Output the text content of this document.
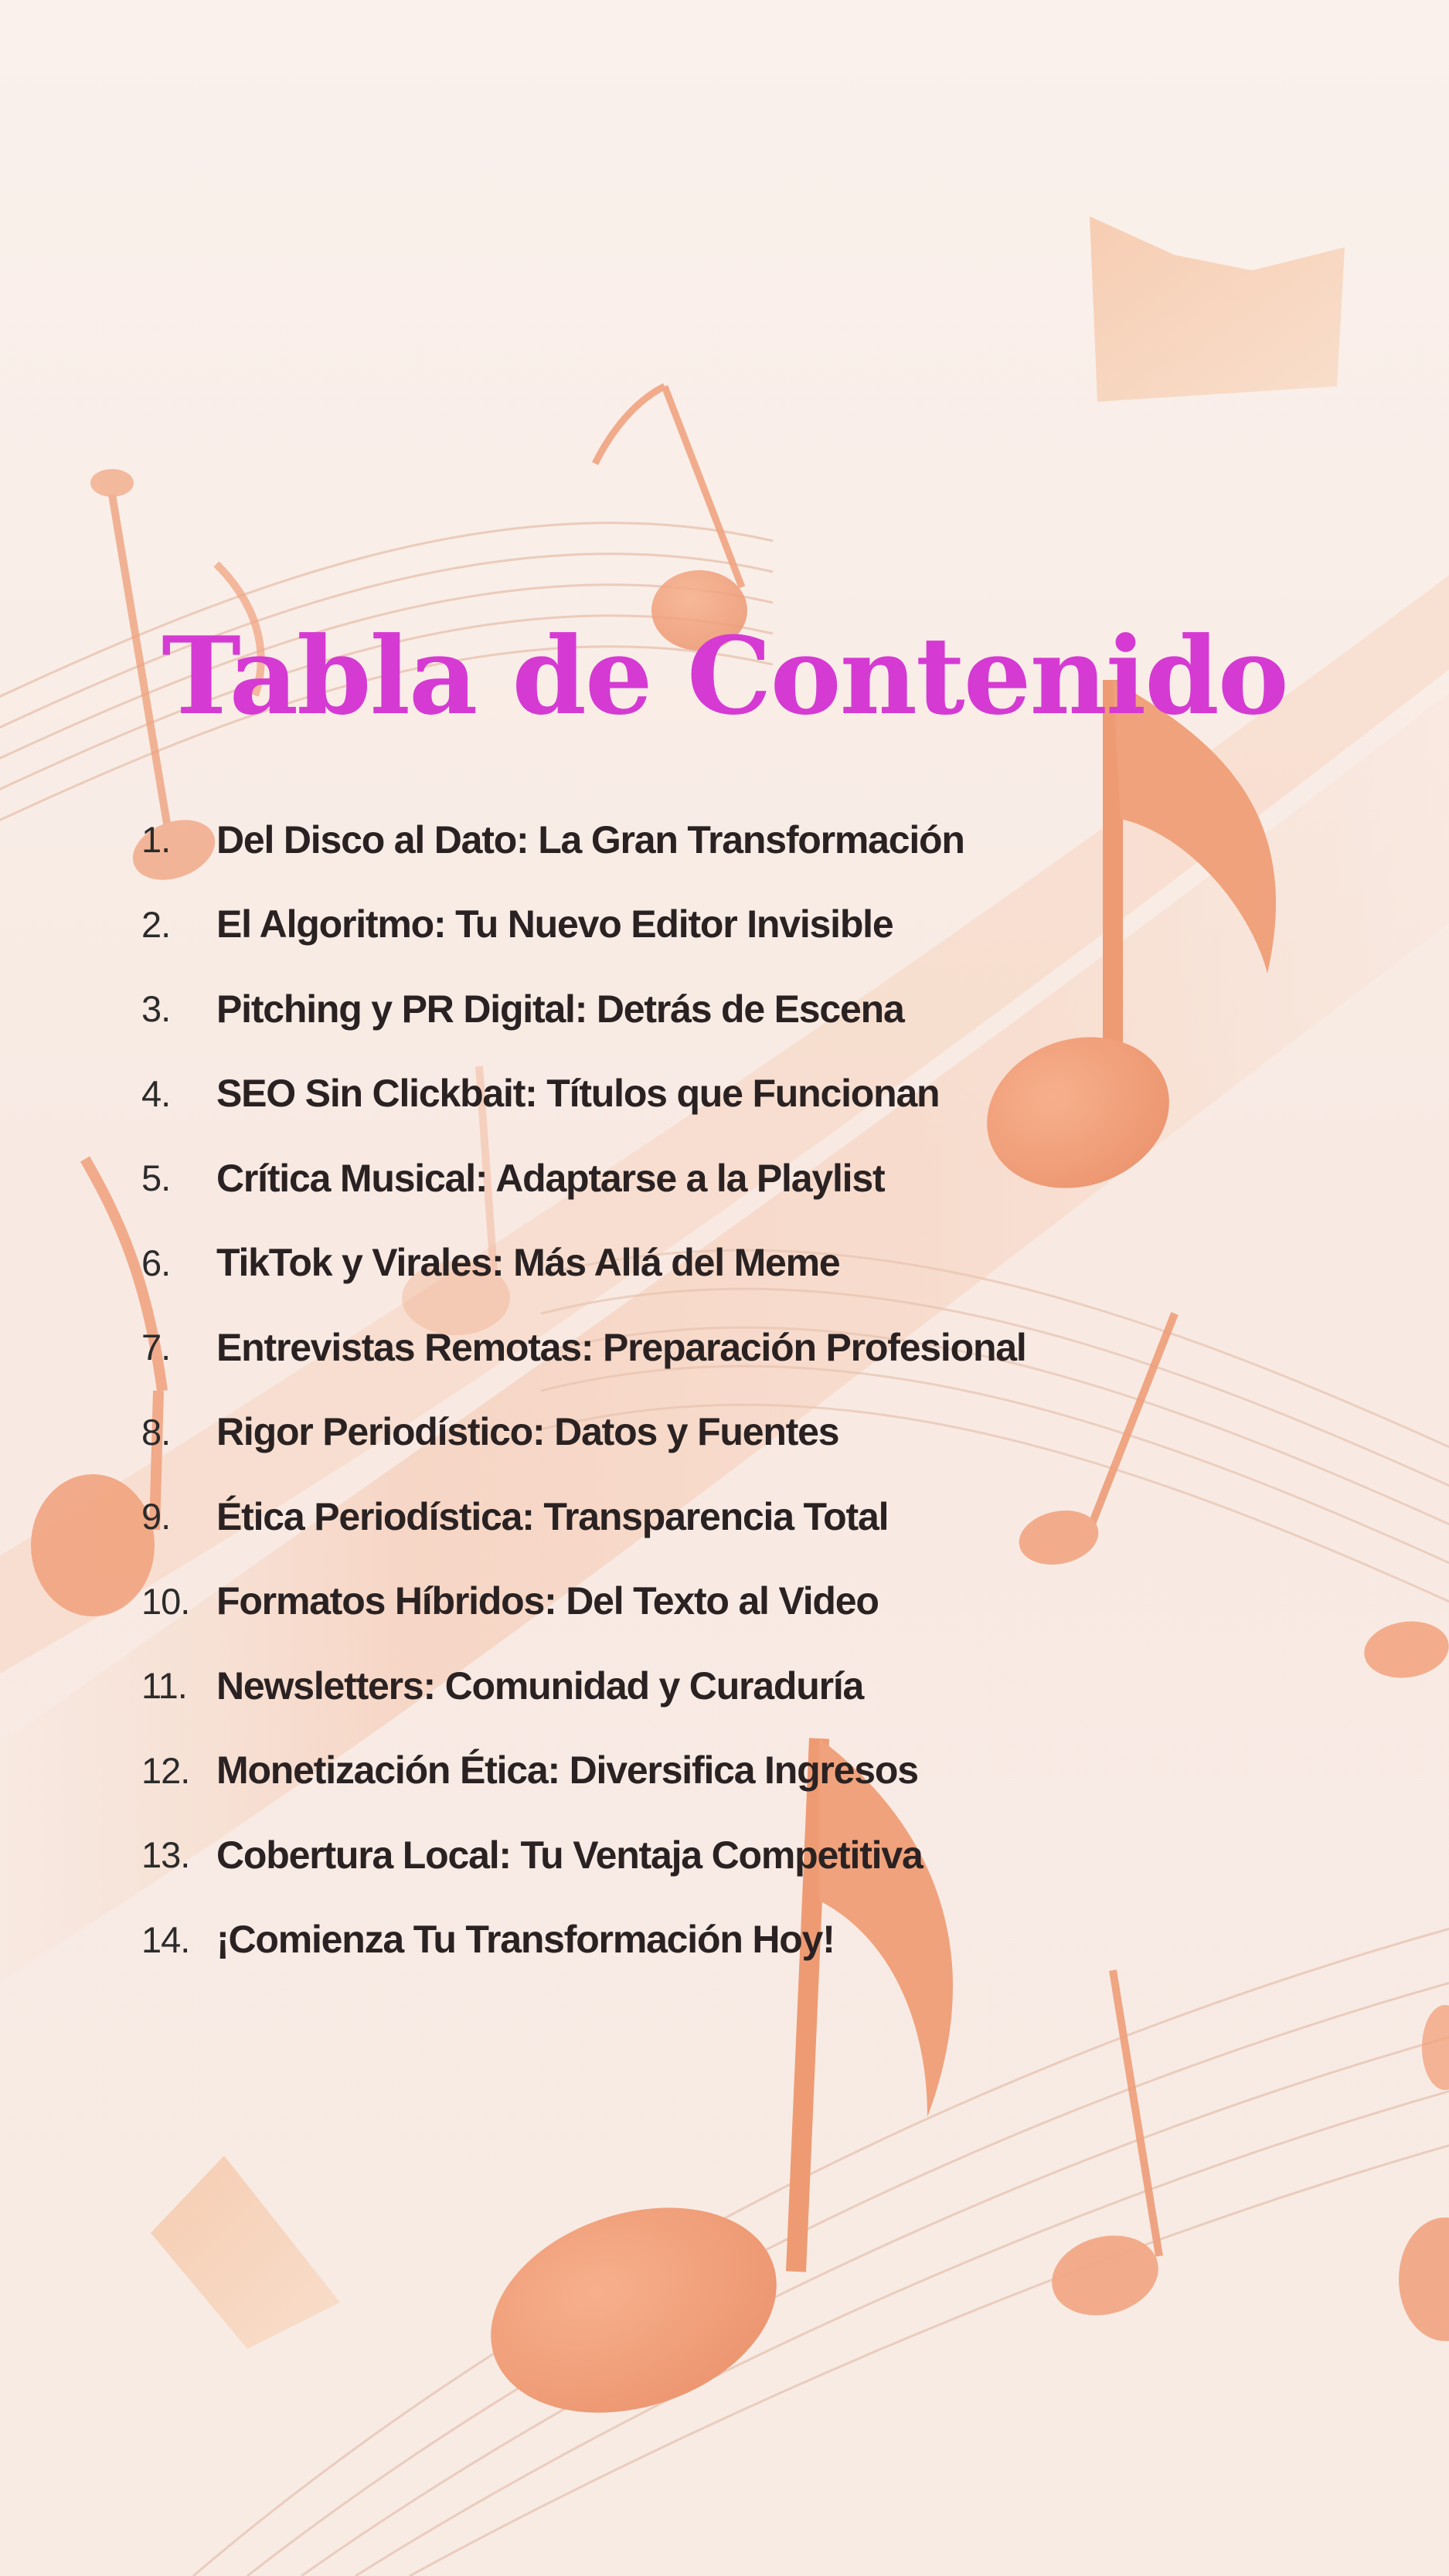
Tabla de Contenido
1.	Del Disco al Dato: La Gran Transformación
2.	El Algoritmo: Tu Nuevo Editor Invisible
3.	Pitching y PR Digital: Detrás de Escena
4.	SEO Sin Clickbait: Títulos que Funcionan
5.	Crítica Musical: Adaptarse a la Playlist
6.	TikTok y Virales: Más Allá del Meme
7.	Entrevistas Remotas: Preparación Profesional
8.	Rigor Periodístico: Datos y Fuentes
9.	Ética Periodística: Transparencia Total
10. Formatos Híbridos: Del Texto al Video
11. Newsletters: Comunidad y Curaduría
12. Monetización Ética: Diversifica Ingresos
13. Cobertura Local: Tu Ventaja Competitiva
14. ¡Comienza Tu Transformación Hoy!
